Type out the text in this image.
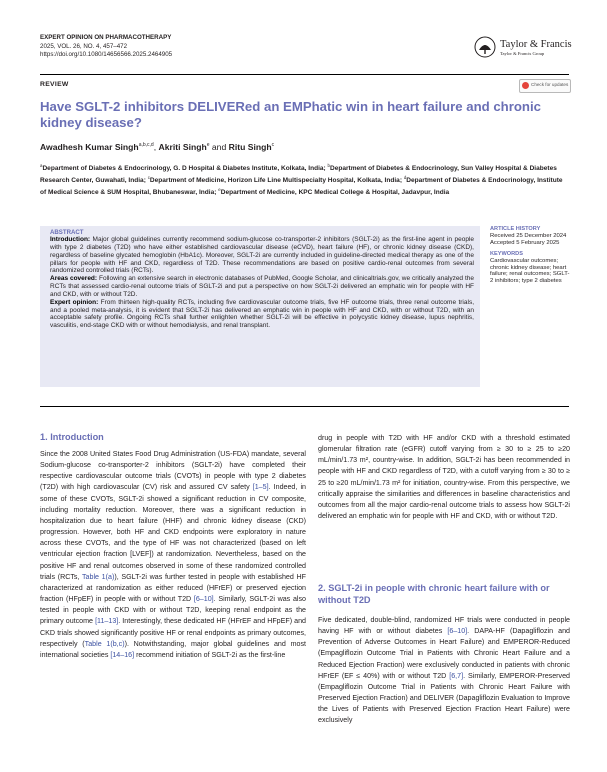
EXPERT OPINION ON PHARMACOTHERAPY
2025, VOL. 26, NO. 4, 457–472
https://doi.org/10.1080/14656566.2025.2464905
Taylor & Francis
Taylor & Francis Group
REVIEW	Check for updates
Have SGLT-2 inhibitors DELIVERed an EMPhatic win in heart failure and chronic kidney disease?
Awadhesh Kumar Singh$^{a,b,c,d}$, Akriti Singh$^e$ and Ritu Singh$^c$
$^a$Department of Diabetes & Endocrinology, G. D Hospital & Diabetes Institute, Kolkata, India; $^b$Department of Diabetes & Endocrinology, Sun Valley Hospital & Diabetes Research Center, Guwahati, India; $^c$Department of Medicine, Horizon Life Line Multispecialty Hospital, Kolkata, India; $^d$Department of Diabetes & Endocrinology, Institute of Medical Science & SUM Hospital, Bhubaneswar, India; $^e$Department of Medicine, KPC Medical College & Hospital, Jadavpur, India
ABSTRACT
Introduction: Major global guidelines currently recommend sodium-glucose co-transporter-2 inhibitors (SGLT-2i) as the first-line agent in people with type 2 diabetes (T2D) who have either established cardiovascular disease (eCVD), heart failure (HF), or chronic kidney disease (CKD), regardless of baseline glycated hemoglobin (HbA1c). Moreover, SGLT-2i are currently included in guideline-directed medical therapy as one of the pillars for people with HF and CKD, regardless of T2D. These recommendations are based on positive cardio-renal outcomes from several randomized controlled trials (RCTs).
Areas covered: Following an extensive search in electronic databases of PubMed, Google Scholar, and clinicaltrials.gov, we critically analyzed the RCTs that assessed cardio-renal outcome trials of SGLT-2i and put a perspective on how SGLT-2i delivered an emphatic win for people with HF and CKD, with or without T2D.
Expert opinion: From thirteen high-quality RCTs, including five cardiovascular outcome trials, five HF outcome trials, three renal outcome trials, and a pooled meta-analysis, it is evident that SGLT-2i has delivered an emphatic win in people with HF and CKD, with or without T2D, with an acceptable safety profile. Ongoing RCTs shall further enlighten whether SGLT-2i will be effective in polycystic kidney disease, lupus nephritis, vasculitis, end-stage CKD with or without hemodialysis, and renal transplant.
ARTICLE HISTORY
Received 25 December 2024
Accepted 5 February 2025
KEYWORDS
Cardiovascular outcomes; chronic kidney disease; heart failure; renal outcomes; SGLT-2 inhibitors; type 2 diabetes
1. Introduction
Since the 2008 United States Food Drug Administration (US-FDA) mandate, several Sodium-glucose co-transporter-2 inhibitors (SGLT-2i) have completed their respective cardiovascular outcome trials (CVOTs) in people with type 2 diabetes (T2D) with high cardiovascular (CV) risk and assured CV safety [1–5]. Indeed, in some of these CVOTs, SGLT-2i showed a significant reduction in CV composite, including mortality reduction. Moreover, there was a significant reduction in hospitalization due to heart failure (HHF) and chronic kidney disease (CKD) progression. However, both HF and CKD endpoints were exploratory in nature across these CVOTs, and the type of HF was not characterized (based on left ventricular ejection fraction [LVEF]) at randomization. Nevertheless, based on the positive HF and renal outcomes observed in some of these randomized controlled trials (RCTs, Table 1(a)), SGLT-2i was further tested in people with established HF characterized at randomization as either reduced (HFrEF) or preserved ejection fraction (HFpEF) in people with or without T2D [6–10]. Similarly, SGLT-2i was also tested in people with CKD with or without T2D, keeping renal endpoint as the primary outcome [11–13]. Interestingly, these dedicated HF (HFrEF and HFpEF) and CKD trials showed significantly positive HF or renal endpoints as primary outcomes, respectively (Table 1(b,c)). Notwithstanding, major global guidelines and most international societies [14–16] recommend initiation of SGLT-2i as the first-line
drug in people with T2D with HF and/or CKD with a threshold estimated glomerular filtration rate (eGFR) cutoff varying from ≥ 30 to ≥ 25 to ≥20 mL/min/1.73 m², country-wise. In addition, SGLT-2i has been recommended in people with HF and CKD regardless of T2D, with a cutoff varying from ≥ 30 to ≥ 25 to ≥20 mL/min/1.73 m² for initiation, country-wise. From this perspective, we critically appraise the similarities and differences in baseline characteristics and outcomes from all the major cardio-renal outcome trials to assess how SGLT-2i delivered an emphatic win for people with HF and CKD, with or without T2D.
2. SGLT-2i in people with chronic heart failure with or without T2D
Five dedicated, double-blind, randomized HF trials were conducted in people having HF with or without diabetes [6–10]. DAPA-HF (Dapagliflozin and Prevention of Adverse Outcomes in Heart Failure) and EMPEROR-Reduced (Empagliflozin Outcome Trial in Patients with Chronic Heart Failure and a Reduced Ejection Fraction) were exclusively conducted in patients with chronic HFrEF (EF ≤ 40%) with or without T2D [6,7]. Similarly, EMPEROR-Preserved (Empagliflozin Outcome Trial in Patients with Chronic Heart Failure with Preserved Ejection Fraction) and DELIVER (Dapagliflozin Evaluation to Improve the Lives of Patients with Preserved Ejection Fraction Heart Failure) were exclusively
